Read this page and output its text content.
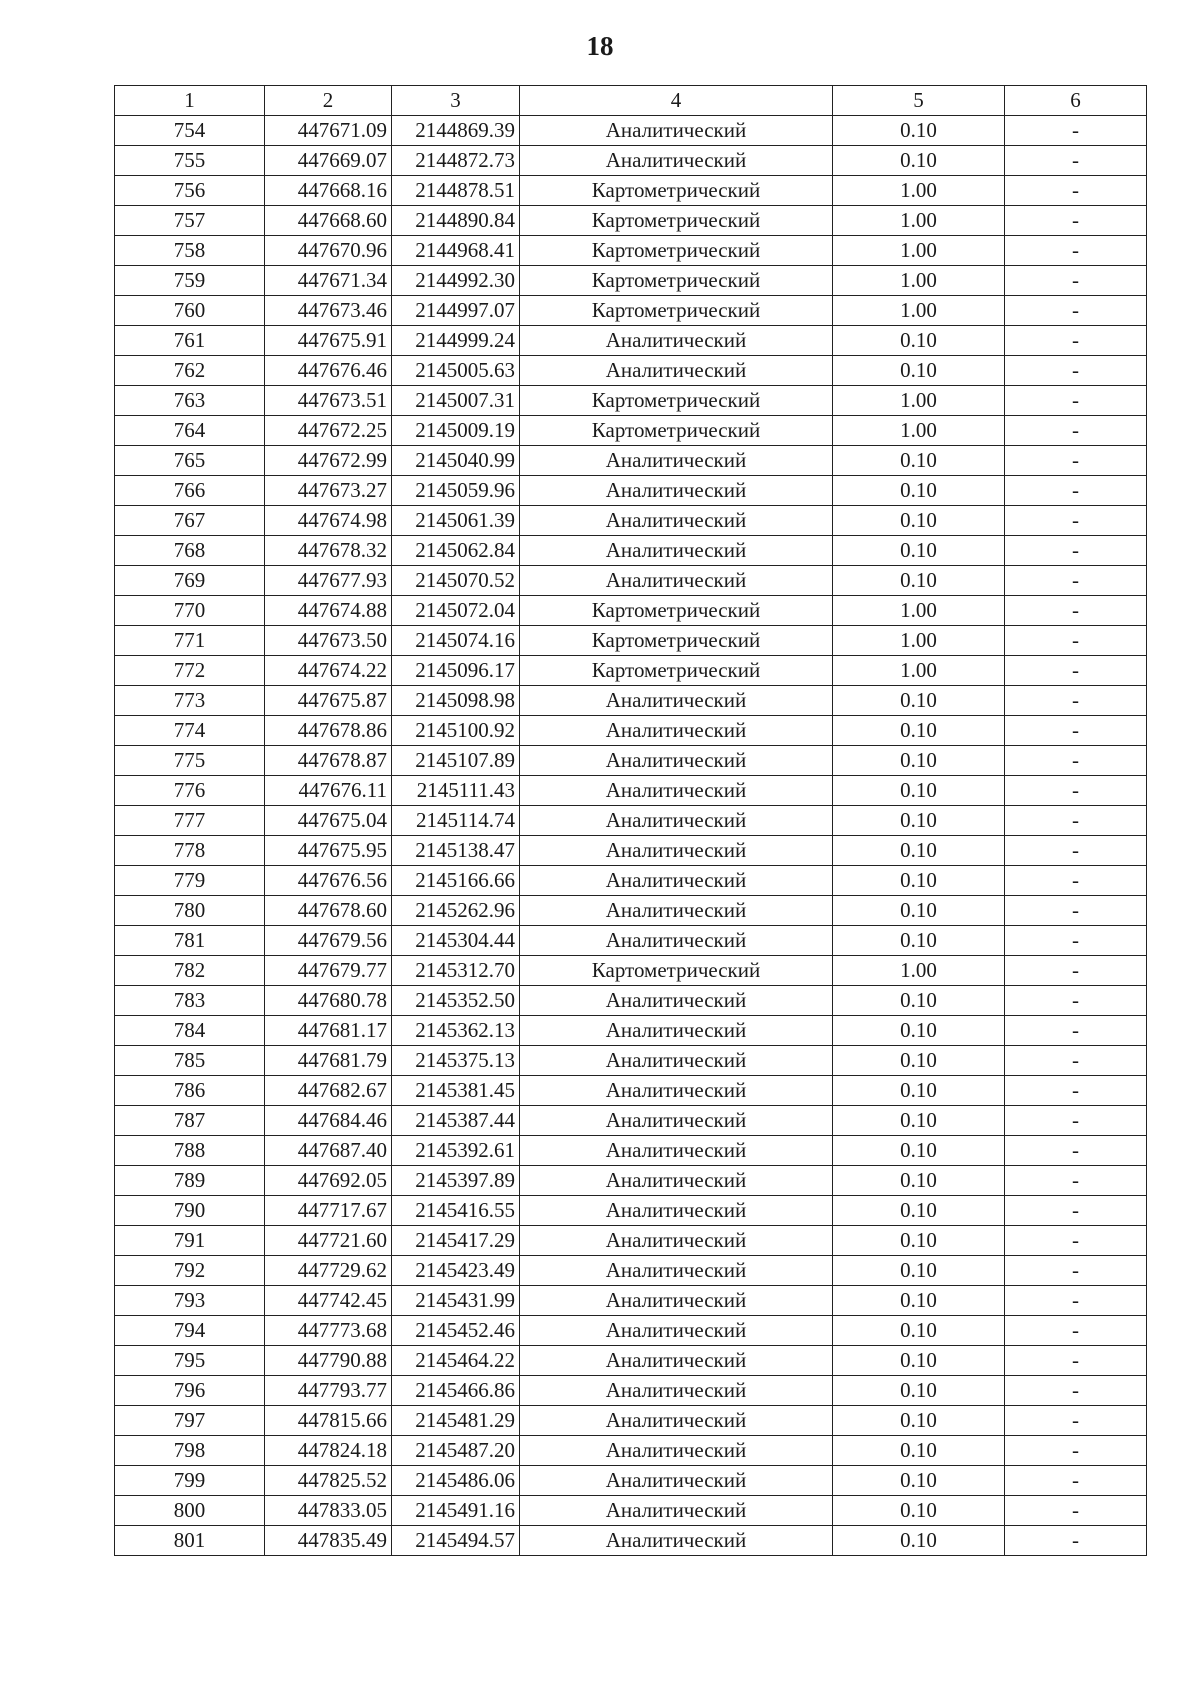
18
1	2	3	4	5	6
754	447671.09	2144869.39	Аналитический	0.10	-
755	447669.07	2144872.73	Аналитический	0.10	-
756	447668.16	2144878.51	Картометрический	1.00	-
757	447668.60	2144890.84	Картометрический	1.00	-
758	447670.96	2144968.41	Картометрический	1.00	-
759	447671.34	2144992.30	Картометрический	1.00	-
760	447673.46	2144997.07	Картометрический	1.00	-
761	447675.91	2144999.24	Аналитический	0.10	-
762	447676.46	2145005.63	Аналитический	0.10	-
763	447673.51	2145007.31	Картометрический	1.00	-
764	447672.25	2145009.19	Картометрический	1.00	-
765	447672.99	2145040.99	Аналитический	0.10	-
766	447673.27	2145059.96	Аналитический	0.10	-
767	447674.98	2145061.39	Аналитический	0.10	-
768	447678.32	2145062.84	Аналитический	0.10	-
769	447677.93	2145070.52	Аналитический	0.10	-
770	447674.88	2145072.04	Картометрический	1.00	-
771	447673.50	2145074.16	Картометрический	1.00	-
772	447674.22	2145096.17	Картометрический	1.00	-
773	447675.87	2145098.98	Аналитический	0.10	-
774	447678.86	2145100.92	Аналитический	0.10	-
775	447678.87	2145107.89	Аналитический	0.10	-
776	447676.11	2145111.43	Аналитический	0.10	-
777	447675.04	2145114.74	Аналитический	0.10	-
778	447675.95	2145138.47	Аналитический	0.10	-
779	447676.56	2145166.66	Аналитический	0.10	-
780	447678.60	2145262.96	Аналитический	0.10	-
781	447679.56	2145304.44	Аналитический	0.10	-
782	447679.77	2145312.70	Картометрический	1.00	-
783	447680.78	2145352.50	Аналитический	0.10	-
784	447681.17	2145362.13	Аналитический	0.10	-
785	447681.79	2145375.13	Аналитический	0.10	-
786	447682.67	2145381.45	Аналитический	0.10	-
787	447684.46	2145387.44	Аналитический	0.10	-
788	447687.40	2145392.61	Аналитический	0.10	-
789	447692.05	2145397.89	Аналитический	0.10	-
790	447717.67	2145416.55	Аналитический	0.10	-
791	447721.60	2145417.29	Аналитический	0.10	-
792	447729.62	2145423.49	Аналитический	0.10	-
793	447742.45	2145431.99	Аналитический	0.10	-
794	447773.68	2145452.46	Аналитический	0.10	-
795	447790.88	2145464.22	Аналитический	0.10	-
796	447793.77	2145466.86	Аналитический	0.10	-
797	447815.66	2145481.29	Аналитический	0.10	-
798	447824.18	2145487.20	Аналитический	0.10	-
799	447825.52	2145486.06	Аналитический	0.10	-
800	447833.05	2145491.16	Аналитический	0.10	-
801	447835.49	2145494.57	Аналитический	0.10	-
